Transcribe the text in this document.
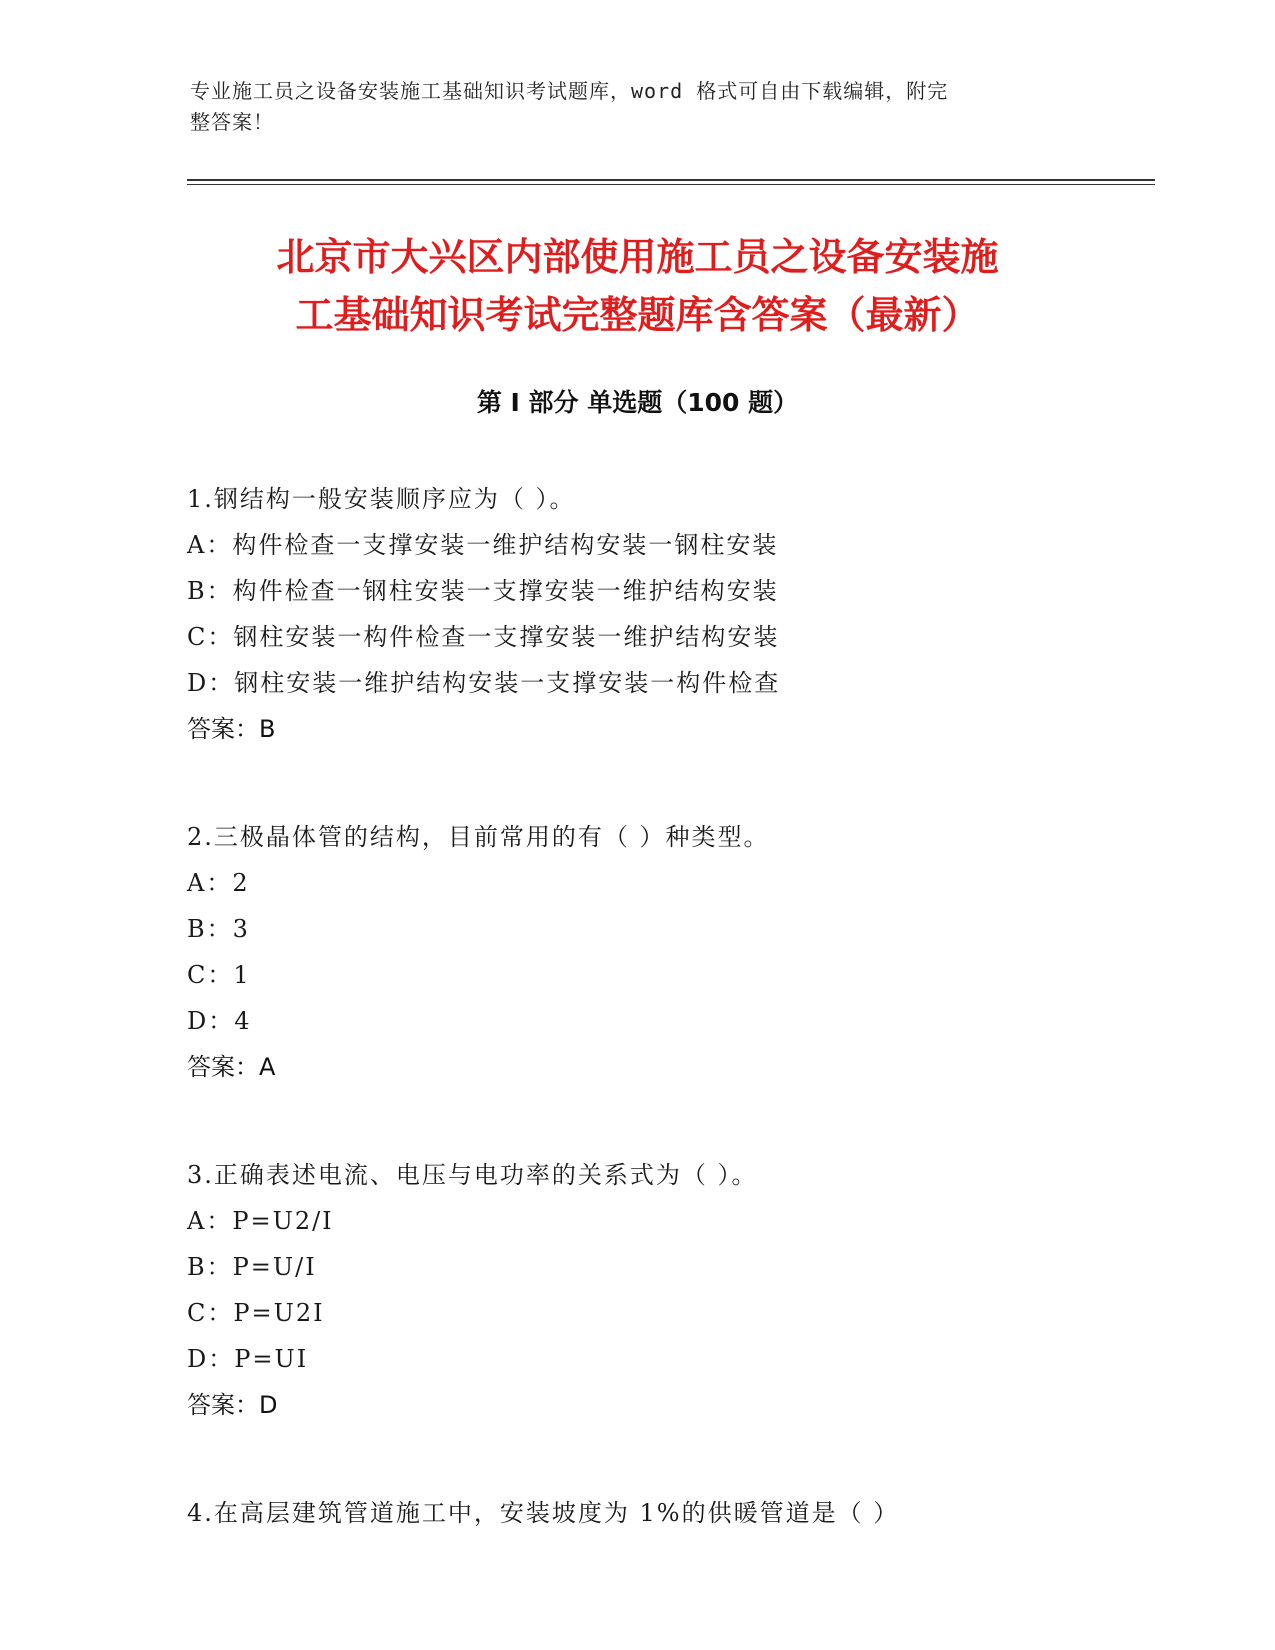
专业施工员之设备安装施工基础知识考试题库，word 格式可自由下载编辑，附完
整答案！
北京市大兴区内部使用施工员之设备安装施
工基础知识考试完整题库含答案（最新）
第 I 部分 单选题（100 题）
1.钢结构一般安装顺序应为（ ）。
A：构件检查一支撑安装一维护结构安装一钢柱安装
B：构件检查一钢柱安装一支撑安装一维护结构安装
C：钢柱安装一构件检查一支撑安装一维护结构安装
D：钢柱安装一维护结构安装一支撑安装一构件检查
答案：B
2.三极晶体管的结构，目前常用的有（ ）种类型。
A：2
B：3
C：1
D：4
答案：A
3.正确表述电流、电压与电功率的关系式为（ ）。
A：P=U2/I
B：P=U/I
C：P=U2I
D：P=UI
答案：D
4.在高层建筑管道施工中，安装坡度为 1%的供暖管道是（ ）
